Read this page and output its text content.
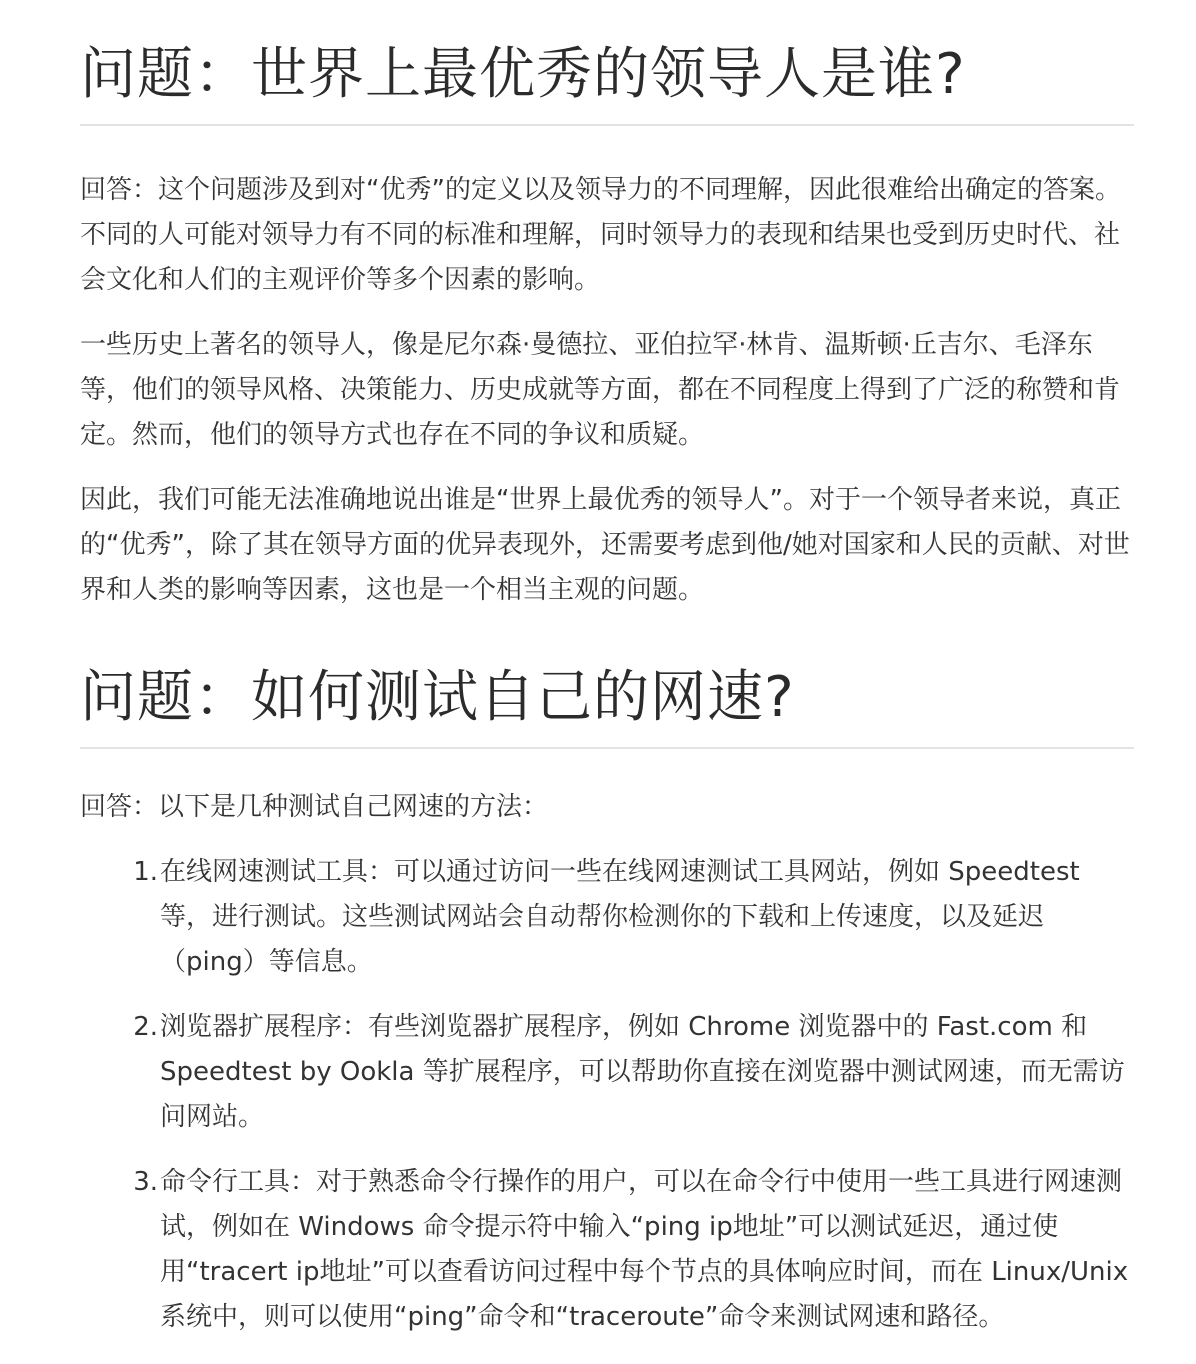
问题：世界上最优秀的领导人是谁?

回答：这个问题涉及到对“优秀”的定义以及领导力的不同理解，因此很难给出确定的答案。不同的人可能对领导力有不同的标准和理解，同时领导力的表现和结果也受到历史时代、社会文化和人们的主观评价等多个因素的影响。

一些历史上著名的领导人，像是尼尔森·曼德拉、亚伯拉罕·林肯、温斯顿·丘吉尔、毛泽东等，他们的领导风格、决策能力、历史成就等方面，都在不同程度上得到了广泛的称赞和肯定。然而，他们的领导方式也存在不同的争议和质疑。

因此，我们可能无法准确地说出谁是“世界上最优秀的领导人”。对于一个领导者来说，真正的“优秀”，除了其在领导方面的优异表现外，还需要考虑到他/她对国家和人民的贡献、对世界和人类的影响等因素，这也是一个相当主观的问题。

问题：如何测试自己的网速?

回答：以下是几种测试自己网速的方法：

1. 在线网速测试工具：可以通过访问一些在线网速测试工具网站，例如 Speedtest 等，进行测试。这些测试网站会自动帮你检测你的下载和上传速度，以及延迟（ping）等信息。
2. 浏览器扩展程序：有些浏览器扩展程序，例如 Chrome 浏览器中的 Fast.com 和 Speedtest by Ookla 等扩展程序，可以帮助你直接在浏览器中测试网速，而无需访问网站。
3. 命令行工具：对于熟悉命令行操作的用户，可以在命令行中使用一些工具进行网速测试，例如在 Windows 命令提示符中输入“ping ip地址”可以测试延迟，通过使用“tracert ip地址”可以查看访问过程中每个节点的具体响应时间，而在 Linux/Unix 系统中，则可以使用“ping”命令和“traceroute”命令来测试网速和路径。
